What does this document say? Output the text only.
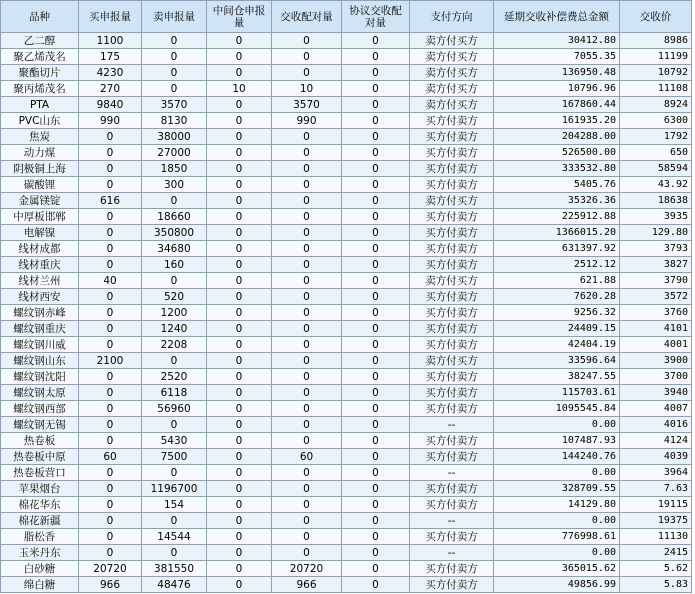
品种	买申报量	卖申报量	中间仓申报量	交收配对量	协议交收配对量	支付方向	延期交收补偿费总金额	交收价
乙二醇	1100	0	0	0	0	卖方付买方	30412.80	8986
聚乙烯茂名	175	0	0	0	0	卖方付买方	7055.35	11199
聚酯切片	4230	0	0	0	0	卖方付买方	136950.48	10792
聚丙烯茂名	270	0	10	10	0	卖方付买方	10796.96	11108
PTA	9840	3570	0	3570	0	卖方付买方	167860.44	8924
PVC山东	990	8130	0	990	0	买方付卖方	161935.20	6300
焦炭	0	38000	0	0	0	买方付卖方	204288.00	1792
动力煤	0	27000	0	0	0	买方付卖方	526500.00	650
阴极铜上海	0	1850	0	0	0	买方付卖方	333532.80	58594
碳酸锂	0	300	0	0	0	买方付卖方	5405.76	43.92
金属镁锭	616	0	0	0	0	卖方付买方	35326.36	18638
中厚板邯郸	0	18660	0	0	0	买方付卖方	225912.88	3935
电解镍	0	350800	0	0	0	买方付卖方	1366015.20	129.80
线材成都	0	34680	0	0	0	买方付卖方	631397.92	3793
线材重庆	0	160	0	0	0	买方付卖方	2512.12	3827
线材兰州	40	0	0	0	0	卖方付买方	621.88	3790
线材西安	0	520	0	0	0	买方付卖方	7620.28	3572
螺纹钢赤峰	0	1200	0	0	0	买方付卖方	9256.32	3760
螺纹钢重庆	0	1240	0	0	0	买方付卖方	24409.15	4101
螺纹钢川威	0	2208	0	0	0	买方付卖方	42404.19	4001
螺纹钢山东	2100	0	0	0	0	卖方付买方	33596.64	3900
螺纹钢沈阳	0	2520	0	0	0	买方付卖方	38247.55	3700
螺纹钢太原	0	6118	0	0	0	买方付卖方	115703.61	3940
螺纹钢西部	0	56960	0	0	0	买方付卖方	1095545.84	4007
螺纹钢无锡	0	0	0	0	0	--	0.00	4016
热卷板	0	5430	0	0	0	买方付卖方	107487.93	4124
热卷板中原	60	7500	0	60	0	买方付卖方	144240.76	4039
热卷板营口	0	0	0	0	0	--	0.00	3964
苹果烟台	0	1196700	0	0	0	买方付卖方	328709.55	7.63
棉花华东	0	154	0	0	0	买方付卖方	14129.80	19115
棉花新疆	0	0	0	0	0	--	0.00	19375
脂松香	0	14544	0	0	0	买方付卖方	776998.61	11130
玉米丹东	0	0	0	0	0	--	0.00	2415
白砂糖	20720	381550	0	20720	0	买方付卖方	365015.62	5.62
绵白糖	966	48476	0	966	0	买方付卖方	49856.99	5.83
